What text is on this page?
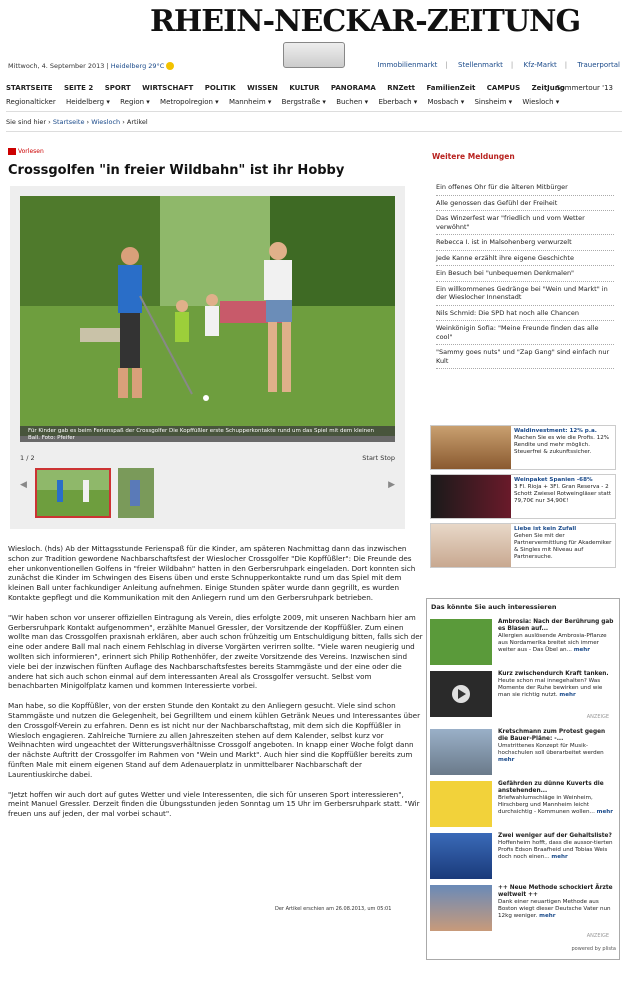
RHEIN-NECKAR-ZEITUNG
Mittwoch, 4. September 2013 | Heidelberg 29°C	Immobilienmarkt | Stellenmarkt | Kfz-Markt | Trauerportal
STARTSEITE SEITE 2 SPORT WIRTSCHAFT POLITIK WISSEN KULTUR PANORAMA RNZett FamilienZeit CAMPUS ZeitJung
Sommertour '13
Regionalticker Heidelberg ▾ Region ▾ Metropolregion ▾ Mannheim ▾ Bergstraße ▾ Buchen ▾ Eberbach ▾ Mosbach ▾ Sinsheim ▾ Wiesloch ▾
Sie sind hier › Startseite › Wiesloch › Artikel
Vorlesen
Crossgolfen "in freier Wildbahn" ist ihr Hobby
Für Kinder gab es beim Ferienspaß der Crossgolfer Die Kopffüßler erste Schupperkontakte rund um das Spiel mit dem kleinen Ball. Foto: Pfeifer
1 / 2	Start Stop
◀	▶

Wiesloch. (hds) Ab der Mittagsstunde Ferienspaß für die Kinder, am späteren Nachmittag dann das inzwischen schon zur Tradition gewordene Nachbarschaftsfest der Wieslocher Crossgolfer "Die Kopffüßler": Die Freunde des eher unkonventionellen Golfens in "freier Wildbahn" hatten in den Gerbersruhpark eingeladen. Dort konnten sich zunächst die Kinder im Schwingen des Eisens üben und erste Schnupperkontakte rund um das Spiel mit dem kleinen Ball unter fachkundiger Anleitung aufnehmen. Einige Stunden später wurde dann gegrillt, es wurden Kontakte gepflegt und die Kommunikation mit den Anliegern rund um den Gerbersruhpark betrieben.

"Wir haben schon vor unserer offiziellen Eintragung als Verein, dies erfolgte 2009, mit unseren Nachbarn hier am Gerbersruhpark Kontakt aufgenommen", erzählte Manuel Gressler, der Vorsitzende der Kopffüßler. Zum einen wollte man das Crossgolfen praxisnah erklären, aber auch schon frühzeitig um Entschuldigung bitten, falls sich der eine oder andere Ball mal nach einem Fehlschlag in diverse Vorgärten verirren sollte. "Viele waren neugierig und wollten sich informieren", erinnert sich Philip Rothenhöfer, der zweite Vorsitzende des Vereins. Inzwischen sind viele bei der inzwischen fünften Auflage des Nachbarschaftsfestes bereits Stammgäste und der eine oder die andere hat sich auch schon einmal auf dem interessanten Areal als Crossgolfer versucht. Selbst vom benachbarten Minigolfplatz kamen und kommen Interessierte vorbei.

Man habe, so die Kopffüßler, von der ersten Stunde den Kontakt zu den Anliegern gesucht. Viele sind schon Stammgäste und nutzen die Gelegenheit, bei Gegrilltem und einem kühlen Getränk Neues und Interessantes über den Crossgolf-Verein zu erfahren. Denn es ist nicht nur der Nachbarschaftstag, mit dem sich die Kopffüßler in Wiesloch engagieren. Zahlreiche Turniere zu allen Jahreszeiten stehen auf dem Kalender, selbst kurz vor Weihnachten wird ungeachtet der Witterungsverhältnisse Crossgolf angeboten. In knapp einer Woche folgt dann der nächste Auftritt der Crossgolfer im Rahmen von "Wein und Markt". Auch hier sind die Kopffüßler bereits zum fünften Male mit einem eigenen Stand auf dem Adenauerplatz in unmittelbarer Nachbarschaft der Laurentiuskirche dabei.

"Jetzt hoffen wir auch dort auf gutes Wetter und viele Interessenten, die sich für unseren Sport interessieren", meint Manuel Gressler. Derzeit finden die Übungsstunden jeden Sonntag um 15 Uhr im Gerbersruhpark statt. "Wir freuen uns auf jeden, der mal vorbei schaut".

Der Artikel erschien am 26.08.2013, um 05:01
Weitere Meldungen
Ein offenes Ohr für die älteren Mitbürger
Alle genossen das Gefühl der Freiheit
Das Winzerfest war "friedlich und vom Wetter verwöhnt"
Rebecca I. ist in Malsohenberg verwurzelt
Jede Kanne erzählt ihre eigene Geschichte
Ein Besuch bei "unbequemen Denkmalen"
Ein willkommenes Gedränge bei "Wein und Markt" in der Wieslocher Innenstadt
Nils Schmid: Die SPD hat noch alle Chancen
Weinkönigin Sofia: "Meine Freunde finden das alle cool"
"Sammy goes nuts" und "Zap Gang" sind einfach nur Kult
Waldinvestment: 12% p.a.
Machen Sie es wie die Profis. 12% Rendite und mehr möglich. Steuerfrei & zukunftssicher.
Weinpaket Spanien -68%
3 Fl. Rioja + 3Fl. Gran Reserva - 2 Schott Zwiesel Rotweingläser statt 79,70€ nur 34,90€!
Liebe ist kein Zufall
Gehen Sie mit der Partnervermittlung für Akademiker & Singles mit Niveau auf Partnersuche.
Das könnte Sie auch interessieren
Ambrosia: Nach der Berührung gab es Blasen auf...
Allergien auslösende Ambrosia-Pflanze aus Nordamerika breitet sich immer weiter aus - Das Übel an... mehr
Kurz zwischendurch Kraft tanken.
Heute schon mal innegehalten? Was Momente der Ruhe bewirken und wie man sie richtig nutzt. mehr
ANZEIGE
Kretschmann zum Protest gegen die Bauer-Pläne: -...
Umstrittenes Konzept für Musik-hochschulen soll überarbeitet werden mehr
Gefährden zu dünne Kuverts die anstehenden...
Briefwahlumschläge in Weinheim, Hirschberg und Mannheim leicht durchsichtig - Kommunen wollen... mehr
Zwei weniger auf der Gehaltsliste?
Hoffenheim hofft, dass die aussor-tierten Profis Edson Braafheid und Tobias Weis doch noch einen... mehr
++ Neue Methode schockiert Ärzte weltweit ++
Dank einer neuartigen Methode aus Boston wiegt dieser Deutsche Vater nun 12kg weniger. mehr
ANZEIGE
powered by plista
